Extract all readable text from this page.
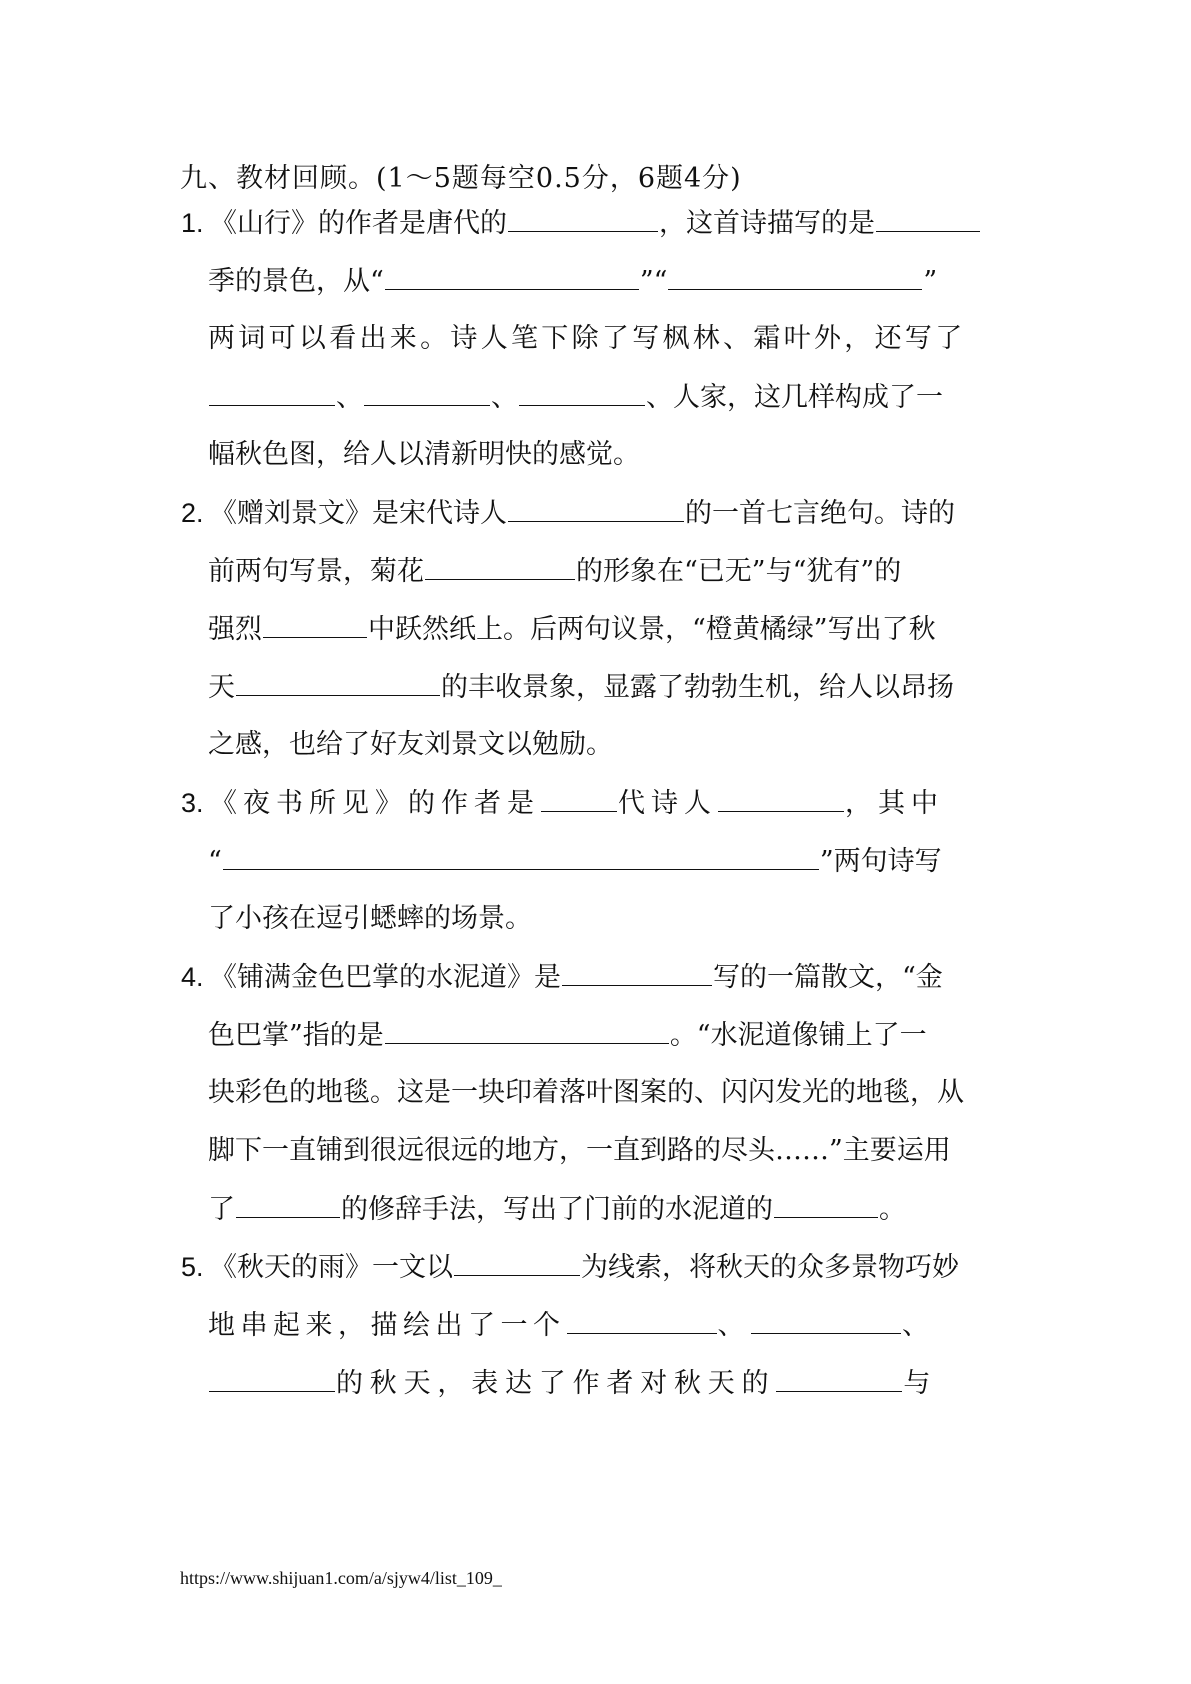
九、教材回顾。(1～5题每空0.5分，6题4分)
1. 《山行》的作者是唐代的	，这首诗描写的是
季的景色，从“	”“	”
两词可以看出来。诗人笔下除了写枫林、霜叶外，还写了
、	、	、人家，这几样构成了一
幅秋色图，给人以清新明快的感觉。
2. 《赠刘景文》是宋代诗人	的一首七言绝句。诗的
前两句写景，菊花	的形象在“已无”与“犹有”的
强烈	中跃然纸上。后两句议景，“橙黄橘绿”写出了秋
天	的丰收景象，显露了勃勃生机，给人以昂扬
之感，也给了好友刘景文以勉励。
3. 《夜书所见》的作者是	代诗人	，其中
“	”两句诗写
了小孩在逗引蟋蟀的场景。
4. 《铺满金色巴掌的水泥道》是	写的一篇散文，“金
色巴掌”指的是	。“水泥道像铺上了一
块彩色的地毯。这是一块印着落叶图案的、闪闪发光的地毯，从
脚下一直铺到很远很远的地方，一直到路的尽头……”主要运用
了	的修辞手法，写出了门前的水泥道的	。
5. 《秋天的雨》一文以	为线索，将秋天的众多景物巧妙
地串起来，描绘出了一个	、	、
的秋天，表达了作者对秋天的	与
https://www.shijuan1.com/a/sjyw4/list_109_
